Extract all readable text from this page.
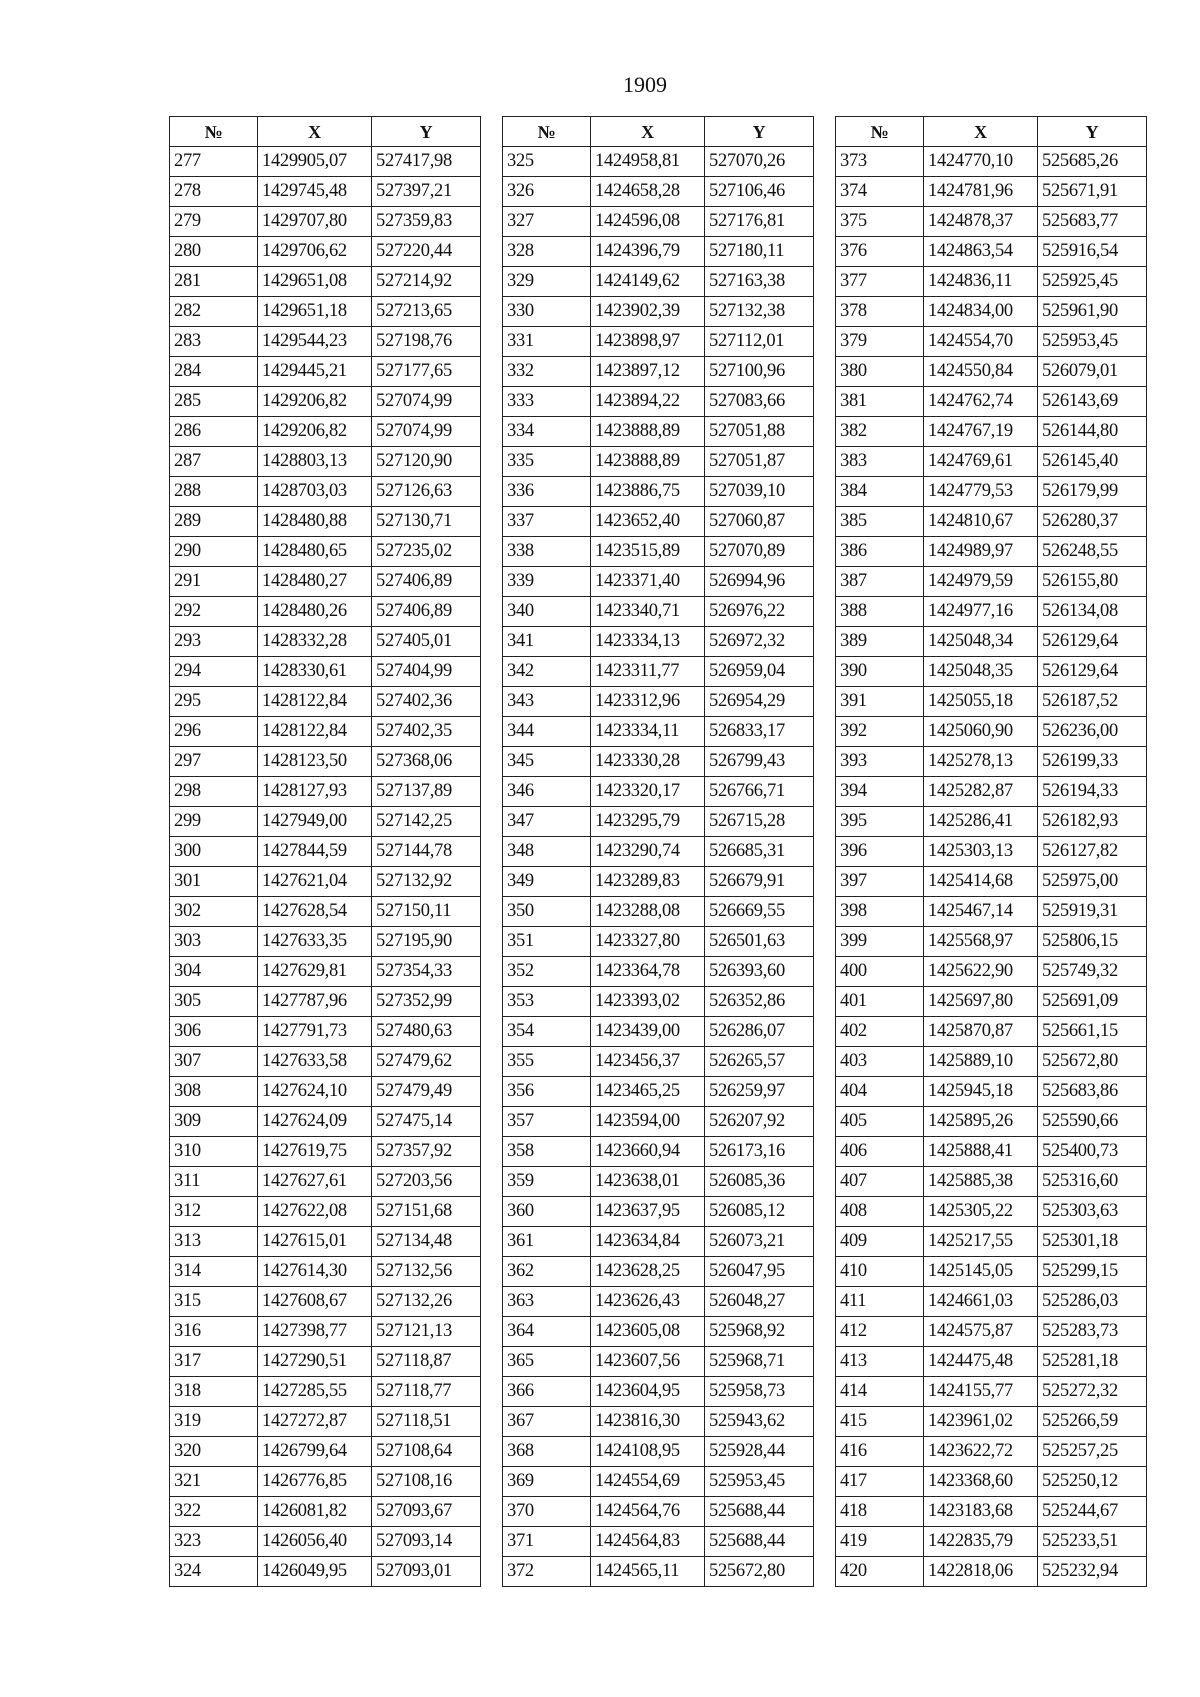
1909
№	X	Y
277	1429905,07	527417,98
278	1429745,48	527397,21
279	1429707,80	527359,83
280	1429706,62	527220,44
281	1429651,08	527214,92
282	1429651,18	527213,65
283	1429544,23	527198,76
284	1429445,21	527177,65
285	1429206,82	527074,99
286	1429206,82	527074,99
287	1428803,13	527120,90
288	1428703,03	527126,63
289	1428480,88	527130,71
290	1428480,65	527235,02
291	1428480,27	527406,89
292	1428480,26	527406,89
293	1428332,28	527405,01
294	1428330,61	527404,99
295	1428122,84	527402,36
296	1428122,84	527402,35
297	1428123,50	527368,06
298	1428127,93	527137,89
299	1427949,00	527142,25
300	1427844,59	527144,78
301	1427621,04	527132,92
302	1427628,54	527150,11
303	1427633,35	527195,90
304	1427629,81	527354,33
305	1427787,96	527352,99
306	1427791,73	527480,63
307	1427633,58	527479,62
308	1427624,10	527479,49
309	1427624,09	527475,14
310	1427619,75	527357,92
311	1427627,61	527203,56
312	1427622,08	527151,68
313	1427615,01	527134,48
314	1427614,30	527132,56
315	1427608,67	527132,26
316	1427398,77	527121,13
317	1427290,51	527118,87
318	1427285,55	527118,77
319	1427272,87	527118,51
320	1426799,64	527108,64
321	1426776,85	527108,16
322	1426081,82	527093,67
323	1426056,40	527093,14
324	1426049,95	527093,01
№	X	Y
325	1424958,81	527070,26
326	1424658,28	527106,46
327	1424596,08	527176,81
328	1424396,79	527180,11
329	1424149,62	527163,38
330	1423902,39	527132,38
331	1423898,97	527112,01
332	1423897,12	527100,96
333	1423894,22	527083,66
334	1423888,89	527051,88
335	1423888,89	527051,87
336	1423886,75	527039,10
337	1423652,40	527060,87
338	1423515,89	527070,89
339	1423371,40	526994,96
340	1423340,71	526976,22
341	1423334,13	526972,32
342	1423311,77	526959,04
343	1423312,96	526954,29
344	1423334,11	526833,17
345	1423330,28	526799,43
346	1423320,17	526766,71
347	1423295,79	526715,28
348	1423290,74	526685,31
349	1423289,83	526679,91
350	1423288,08	526669,55
351	1423327,80	526501,63
352	1423364,78	526393,60
353	1423393,02	526352,86
354	1423439,00	526286,07
355	1423456,37	526265,57
356	1423465,25	526259,97
357	1423594,00	526207,92
358	1423660,94	526173,16
359	1423638,01	526085,36
360	1423637,95	526085,12
361	1423634,84	526073,21
362	1423628,25	526047,95
363	1423626,43	526048,27
364	1423605,08	525968,92
365	1423607,56	525968,71
366	1423604,95	525958,73
367	1423816,30	525943,62
368	1424108,95	525928,44
369	1424554,69	525953,45
370	1424564,76	525688,44
371	1424564,83	525688,44
372	1424565,11	525672,80
№	X	Y
373	1424770,10	525685,26
374	1424781,96	525671,91
375	1424878,37	525683,77
376	1424863,54	525916,54
377	1424836,11	525925,45
378	1424834,00	525961,90
379	1424554,70	525953,45
380	1424550,84	526079,01
381	1424762,74	526143,69
382	1424767,19	526144,80
383	1424769,61	526145,40
384	1424779,53	526179,99
385	1424810,67	526280,37
386	1424989,97	526248,55
387	1424979,59	526155,80
388	1424977,16	526134,08
389	1425048,34	526129,64
390	1425048,35	526129,64
391	1425055,18	526187,52
392	1425060,90	526236,00
393	1425278,13	526199,33
394	1425282,87	526194,33
395	1425286,41	526182,93
396	1425303,13	526127,82
397	1425414,68	525975,00
398	1425467,14	525919,31
399	1425568,97	525806,15
400	1425622,90	525749,32
401	1425697,80	525691,09
402	1425870,87	525661,15
403	1425889,10	525672,80
404	1425945,18	525683,86
405	1425895,26	525590,66
406	1425888,41	525400,73
407	1425885,38	525316,60
408	1425305,22	525303,63
409	1425217,55	525301,18
410	1425145,05	525299,15
411	1424661,03	525286,03
412	1424575,87	525283,73
413	1424475,48	525281,18
414	1424155,77	525272,32
415	1423961,02	525266,59
416	1423622,72	525257,25
417	1423368,60	525250,12
418	1423183,68	525244,67
419	1422835,79	525233,51
420	1422818,06	525232,94
